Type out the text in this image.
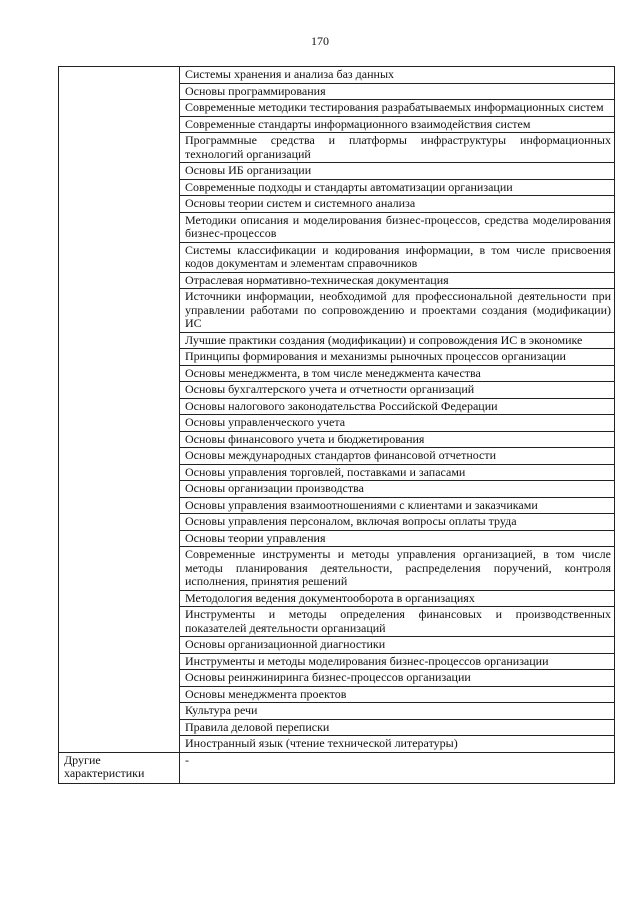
170
	Системы хранения и анализа баз данных
	Основы программирования
	Современные методики тестирования разрабатываемых информационных систем
	Современные стандарты информационного взаимодействия систем
	Программные средства и платформы инфраструктуры информационных технологий организаций
	Основы ИБ организации
	Современные подходы и стандарты автоматизации организации
	Основы теории систем и системного анализа
	Методики описания и моделирования бизнес-процессов, средства моделирования бизнес-процессов
	Системы классификации и кодирования информации, в том числе присвоения кодов документам и элементам справочников
	Отраслевая нормативно-техническая документация
	Источники информации, необходимой для профессиональной деятельности при управлении работами по сопровождению и проектами создания (модификации) ИС
	Лучшие практики создания (модификации) и сопровождения ИС в экономике
	Принципы формирования и механизмы рыночных процессов организации
	Основы менеджмента, в том числе менеджмента качества
	Основы бухгалтерского учета и отчетности организаций
	Основы налогового законодательства Российской Федерации
	Основы управленческого учета
	Основы финансового учета и бюджетирования
	Основы международных стандартов финансовой отчетности
	Основы управления торговлей, поставками и запасами
	Основы организации производства
	Основы управления взаимоотношениями с клиентами и заказчиками
	Основы управления персоналом, включая вопросы оплаты труда
	Основы теории управления
	Современные инструменты и методы управления организацией, в том числе методы планирования деятельности, распределения поручений, контроля исполнения, принятия решений
	Методология ведения документооборота в организациях
	Инструменты и методы определения финансовых и производственных показателей деятельности организаций
	Основы организационной диагностики
	Инструменты и методы моделирования бизнес-процессов организации
	Основы реинжиниринга бизнес-процессов организации
	Основы менеджмента проектов
	Культура речи
	Правила деловой переписки
	Иностранный язык (чтение технической литературы)
Другие характеристики	-
